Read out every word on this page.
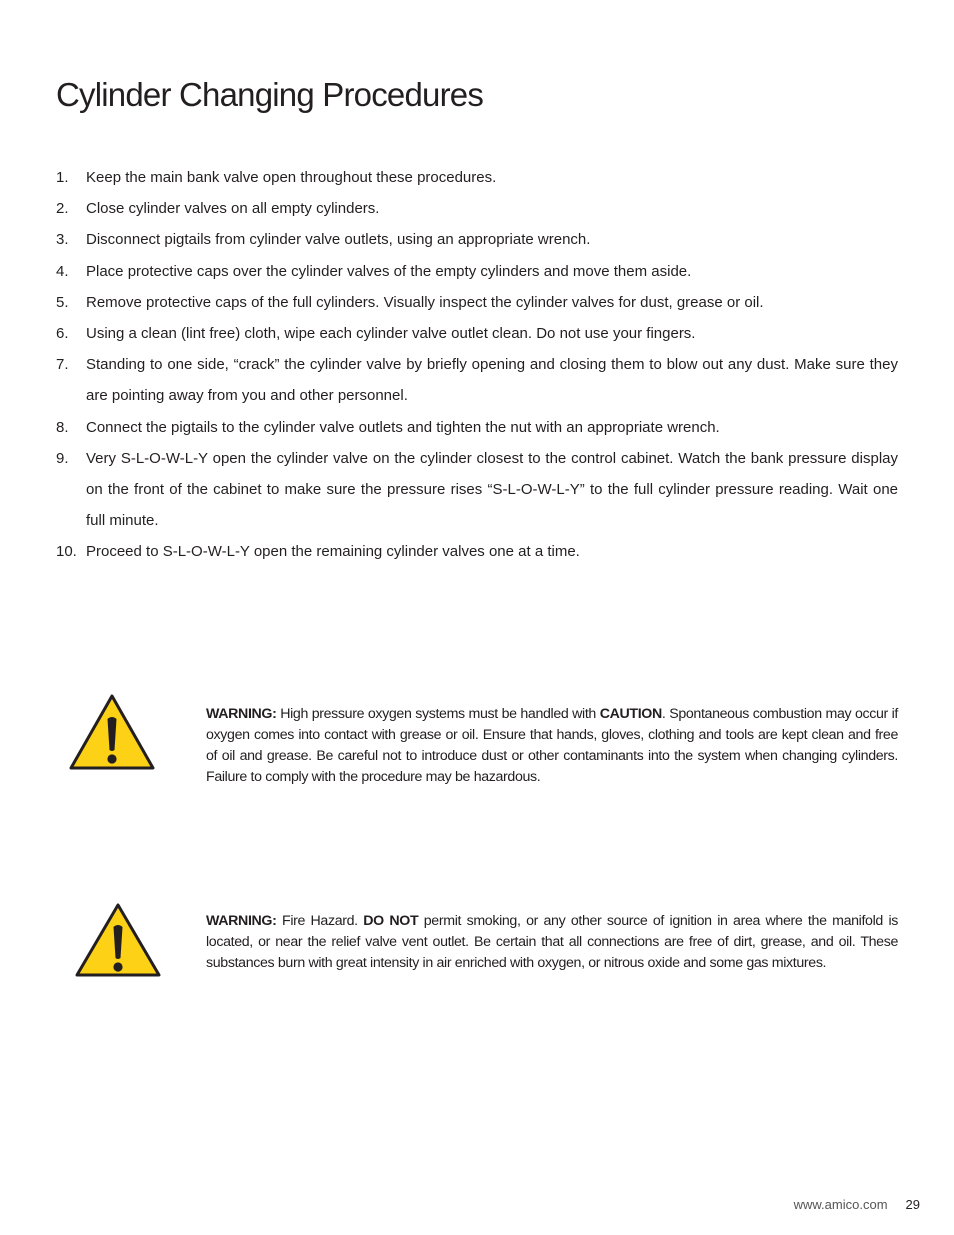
Cylinder Changing Procedures
1.	Keep the main bank valve open throughout these procedures.
2.	Close cylinder valves on all empty cylinders.
3.	Disconnect pigtails from cylinder valve outlets, using an appropriate wrench.
4.	Place protective caps over the cylinder valves of the empty cylinders and move them aside.
5.	Remove protective caps of the full cylinders. Visually inspect the cylinder valves for dust, grease or oil.
6.	Using a clean (lint free) cloth, wipe each cylinder valve outlet clean. Do not use your fingers.
7.	Standing to one side, “crack” the cylinder valve by briefly opening and closing them to blow out any dust. Make sure they are pointing away from you and other personnel.
8.	Connect the pigtails to the cylinder valve outlets and tighten the nut with an appropriate wrench.
9.	Very S-L-O-W-L-Y open the cylinder valve on the cylinder closest to the control cabinet. Watch the bank pressure display on the front of the cabinet to make sure the pressure rises “S-L-O-W-L-Y” to the full cylinder pressure reading. Wait one full minute.
10. Proceed to S-L-O-W-L-Y open the remaining cylinder valves one at a time.

WARNING: High pressure oxygen systems must be handled with CAUTION. Spontaneous combustion may occur if oxygen comes into contact with grease or oil. Ensure that hands, gloves, clothing and tools are kept clean and free of oil and grease. Be careful not to introduce dust or other contaminants into the system when changing cylinders. Failure to comply with the procedure may be hazardous.

WARNING: Fire Hazard. DO NOT permit smoking, or any other source of ignition in area where the manifold is located, or near the relief valve vent outlet. Be certain that all connections are free of dirt, grease, and oil. These substances burn with great intensity in air enriched with oxygen, or nitrous oxide and some gas mixtures.

www.amico.com 29
